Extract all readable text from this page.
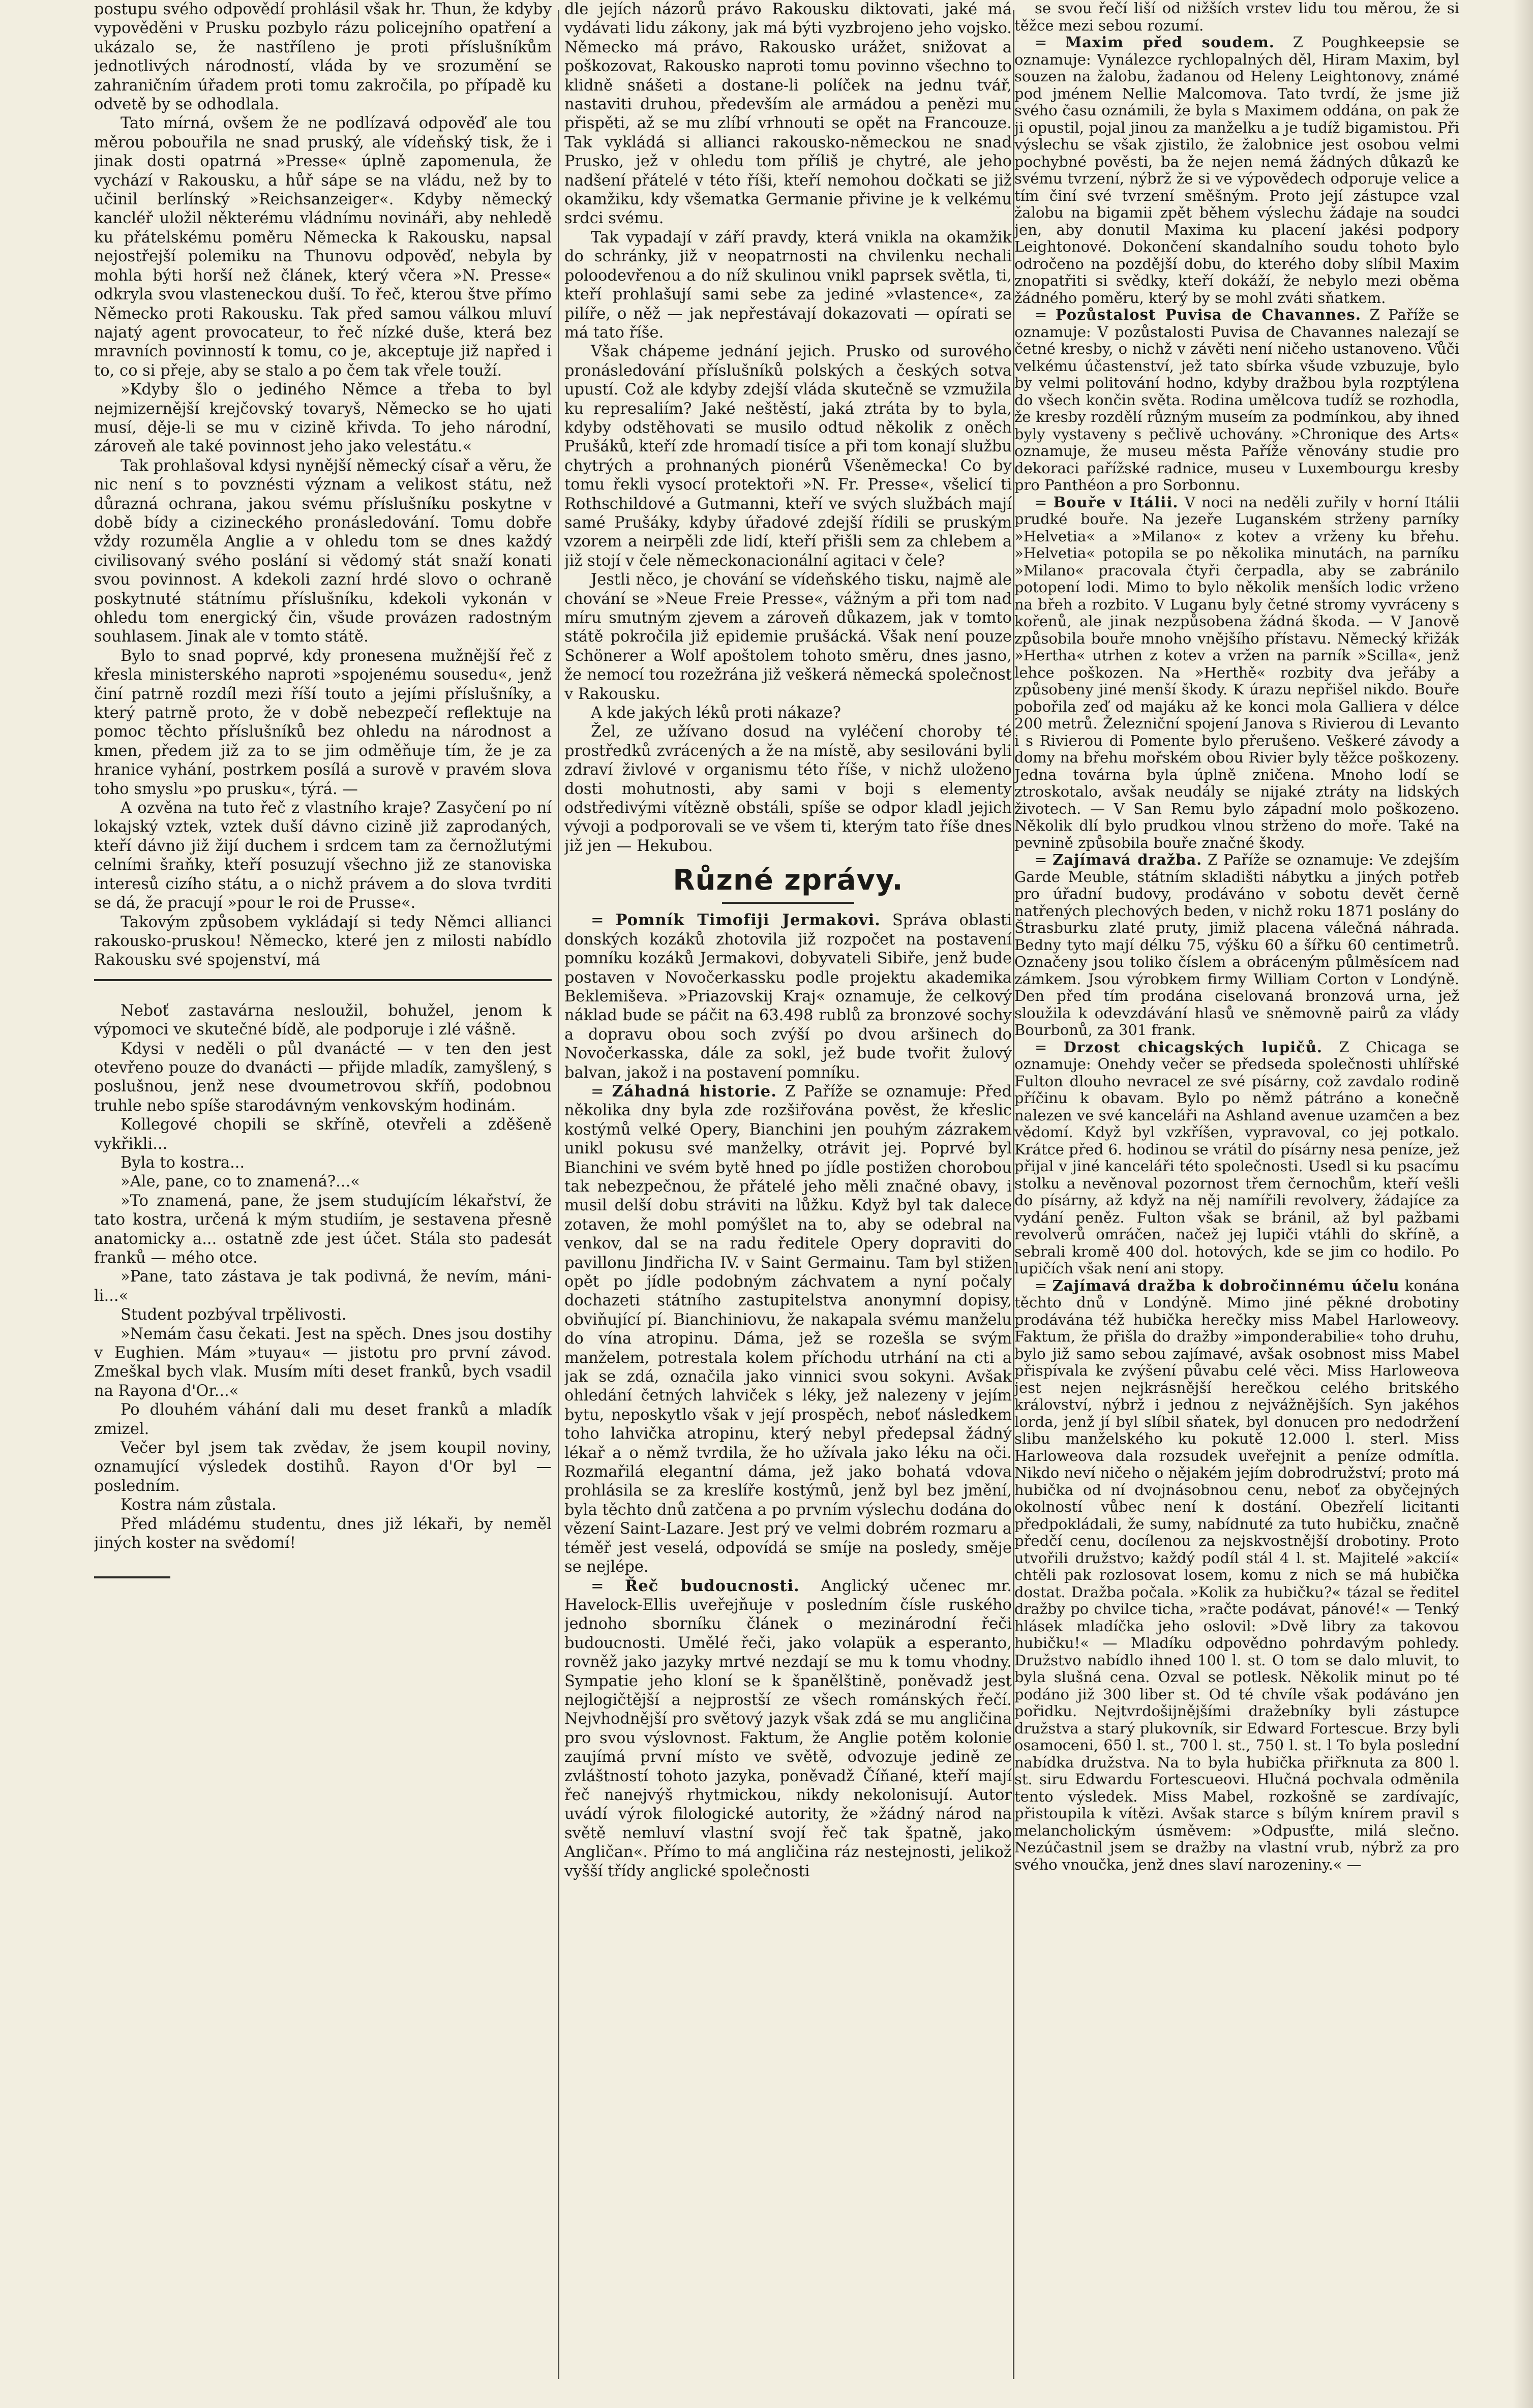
postupu svého odpovědí prohlásil však hr. Thun, že kdyby vypověděni v Prusku pozbylo rázu policejního opatření a ukázalo se, že nastříleno je proti příslušníkům jednotlivých národností, vláda by ve srozumění se zahraničním úřadem proti tomu zakročila, po případě ku odvetě by se odhodlala.

Tato mírná, ovšem že ne podlízavá odpověď ale tou měrou pobouřila ne snad pruský, ale vídeňský tisk, že i jinak dosti opatrná »Presse« úplně zapomenula, že vychází v Rakousku, a hůř sápe se na vládu, než by to učinil berlínský »Reichsanzeiger«. Kdyby německý kancléř uložil některému vládnímu novináři, aby nehledě ku přátelskému poměru Německa k Rakousku, napsal nejostřejší polemiku na Thunovu odpověď, nebyla by mohla býti horší než článek, který včera »N. Presse« odkryla svou vlasteneckou duší. To řeč, kterou štve přímo Německo proti Rakousku. Tak před samou válkou mluví najatý agent provocateur, to řeč nízké duše, která bez mravních povinností k tomu, co je, akceptuje již napřed i to, co si přeje, aby se stalo a po čem tak vřele touží.

»Kdyby šlo o jediného Němce a třeba to byl nejmizernější krejčovský tovaryš, Německo se ho ujati musí, děje-li se mu v cizině křivda. To jeho národní, zároveň ale také povinnost jeho jako velestátu.«

Tak prohlašoval kdysi nynější německý císař a věru, že nic není s to povznésti význam a velikost státu, než důrazná ochrana, jakou svému příslušníku poskytne v době bídy a cizineckého pronásledování. Tomu dobře vždy rozuměla Anglie a v ohledu tom se dnes každý civilisovaný svého poslání si vědomý stát snaží konati svou povinnost. A kdekoli zazní hrdé slovo o ochraně poskytnuté státnímu příslušníku, kdekoli vykonán v ohledu tom energický čin, všude provázen radostným souhlasem. Jinak ale v tomto státě.

Bylo to snad poprvé, kdy pronesena mužnější řeč z křesla ministerského naproti »spojenému sousedu«, jenž činí patrně rozdíl mezi říší touto a jejími příslušníky, a který patrně proto, že v době nebezpečí reflektuje na pomoc těchto příslušníků bez ohledu na národnost a kmen, předem již za to se jim odměňuje tím, že je za hranice vyhání, postrkem posílá a surově v pravém slova toho smyslu »po prusku«, týrá. —

A ozvěna na tuto řeč z vlastního kraje? Zasyčení po ní lokajský vztek, vztek duší dávno cizině již zaprodaných, kteří dávno již žijí duchem i srdcem tam za černožlutými celními šraňky, kteří posuzují všechno již ze stanoviska interesů cizího státu, a o nichž právem a do slova tvrditi se dá, že pracují »pour le roi de Prusse«.

Takovým způsobem vykládají si tedy Němci allianci rakousko-pruskou! Německo, které jen z milosti nabídlo Rakousku své spojenství, má

Neboť zastavárna nesloužil, bohužel, jenom k výpomoci ve skutečné bídě, ale podporuje i zlé vášně.

Kdysi v neděli o půl dvanácté — v ten den jest otevřeno pouze do dvanácti — přijde mladík, zamyšlený, s poslušnou, jenž nese dvoumetrovou skříň, podobnou truhle nebo spíše starodávným venkovským hodinám.

Kollegové chopili se skříně, otevřeli a zděšeně vykřikli...

Byla to kostra...

»Ale, pane, co to znamená?...«

»To znamená, pane, že jsem studujícím lékařství, že tato kostra, určená k mým studiím, je sestavena přesně anatomicky a... ostatně zde jest účet. Stála sto padesát franků — mého otce.

»Pane, tato zástava je tak podivná, že nevím, máni-li...«

Student pozbýval trpělivosti.

»Nemám času čekati. Jest na spěch. Dnes jsou dostihy v Eughien. Mám »tuyau« — jistotu pro první závod. Zmeškal bych vlak. Musím míti deset franků, bych vsadil na Rayona d'Or...«

Po dlouhém váhání dali mu deset franků a mladík zmizel.

Večer byl jsem tak zvědav, že jsem koupil noviny, oznamující výsledek dostihů. Rayon d'Or byl — posledním.

Kostra nám zůstala.

Před mládému studentu, dnes již lékaři, by neměl jiných koster na svědomí!

dle jejích názorů právo Rakousku diktovati, jaké má vydávati lidu zákony, jak má býti vyzbrojeno jeho vojsko. Německo má právo, Rakousko urážet, snižovat a poškozovat, Rakousko naproti tomu povinno všechno to klidně snášeti a dostane-li políček na jednu tvář, nastaviti druhou, především ale armádou a penězi mu přispěti, až se mu zlíbí vrhnouti se opět na Francouze. Tak vykládá si allianci rakousko-německou ne snad Prusko, jež v ohledu tom příliš je chytré, ale jeho nadšení přátelé v této říši, kteří nemohou dočkati se již okamžiku, kdy všematka Germanie přivine je k velkému srdci svému.

Tak vypadají v září pravdy, která vnikla na okamžik do schránky, již v neopatrnosti na chvilenku nechali poloodevřenou a do níž skulinou vnikl paprsek světla, ti, kteří prohlašují sami sebe za jediné »vlastence«, za pilíře, o něž — jak nepřestávají dokazovati — opírati se má tato říše.

Však chápeme jednání jejich. Prusko od surového pronásledování příslušníků polských a českých sotva upustí. Což ale kdyby zdejší vláda skutečně se vzmužila ku represaliím? Jaké neštěstí, jaká ztráta by to byla, kdyby odstěhovati se musilo odtud několik z oněch Prušáků, kteří zde hromadí tisíce a při tom konají službu chytrých a prohnaných pionérů Všeněmecka! Co by tomu řekli vysocí protektoři »N. Fr. Presse«, všelicí ti Rothschildové a Gutmanni, kteří ve svých službách mají samé Prušáky, kdyby úřadové zdejší řídili se pruským vzorem a neirpěli zde lidí, kteří přišli sem za chlebem a již stojí v čele německonacionální agitaci v čele?

Jestli něco, je chování se vídeňského tisku, najmě ale chování se »Neue Freie Presse«, vážným a při tom nad míru smutným zjevem a zároveň důkazem, jak v tomto státě pokročila již epidemie prušácká. Však není pouze Schönerer a Wolf apoštolem tohoto směru, dnes jasno, že nemocí tou rozežrána již veškerá německá společnost v Rakousku.

A kde jakých léků proti nákaze?

Žel, ze užívano dosud na vyléčení choroby té prostředků zvrácených a že na místě, aby sesilováni byli zdraví živlové v organismu této říše, v nichž uloženo dosti mohutnosti, aby sami v boji s elementy odstředivými vítězně obstáli, spíše se odpor kladl jejich vývoji a podporovali se ve všem ti, kterým tato říše dnes již jen — Hekubou.

Různé zprávy.

= Pomník Timofiji Jermakovi. Správa oblasti donských kozáků zhotovila již rozpočet na postavení pomníku kozáků Jermakovi, dobyvateli Sibiře, jenž bude postaven v Novočerkassku podle projektu akademika Beklemiševa. »Priazovskij Kraj« oznamuje, že celkový náklad bude se páčit na 63.498 rublů za bronzové sochy a dopravu obou soch zvýší po dvou aršinech do Novočerkasska, dále za sokl, jež bude tvořit žulový balvan, jakož i na postavení pomníku.

= Záhadná historie. Z Paříže se oznamuje: Před několika dny byla zde rozšiřována pověst, že křeslic kostýmů velké Opery, Bianchini jen pouhým zázrakem unikl pokusu své manželky, otrávit jej. Poprvé byl Bianchini ve svém bytě hned po jídle postižen chorobou tak nebezpečnou, že přátelé jeho měli značné obavy, i musil delší dobu stráviti na lůžku. Když byl tak dalece zotaven, že mohl pomýšlet na to, aby se odebral na venkov, dal se na radu ředitele Opery dopraviti do pavillonu Jindřicha IV. v Saint Germainu. Tam byl stižen opět po jídle podobným záchvatem a nyní počaly dochazeti státního zastupitelstva anonymní dopisy, obviňující pí. Bianchiniovu, že nakapala svému manželu do vína atropinu. Dáma, jež se rozešla se svým manželem, potrestala kolem příchodu utrhání na cti a jak se zdá, označila jako vinnici svou sokyni. Avšak ohledání četných lahviček s léky, jež nalezeny v jejím bytu, neposkytlo však v její prospěch, neboť následkem toho lahvička atropinu, který nebyl předepsal žádný lékař a o němž tvrdila, že ho užívala jako léku na oči. Rozmařilá elegantní dáma, jež jako bohatá vdova prohlásila se za kreslíře kostýmů, jenž byl bez jmění, byla těchto dnů zatčena a po prvním výslechu dodána do vězení Saint-Lazare. Jest prý ve velmi dobrém rozmaru a téměř jest veselá, odpovídá se smíje na posledy, směje se nejlépe.

= Řeč budoucnosti. Anglický učenec mr. Havelock-Ellis uveřejňuje v posledním čísle ruského jednoho sborníku článek o mezinárodní řeči budoucnosti. Umělé řeči, jako volapük a esperanto, rovněž jako jazyky mrtvé nezdají se mu k tomu vhodny. Sympatie jeho kloní se k španělštině, poněvadž jest nejlogičtější a nejprostší ze všech románských řečí. Nejvhodnější pro světový jazyk však zdá se mu angličina pro svou výslovnost. Faktum, že Anglie potěm kolonie zaujímá první místo ve světě, odvozuje jedině ze zvláštností tohoto jazyka, poněvadž Číňané, kteří mají řeč nanejvýš rhytmickou, nikdy nekolonisují. Autor uvádí výrok filologické autority, že »žádný národ na světě nemluví vlastní svojí řeč tak špatně, jako Angličan«. Přímo to má angličina ráz nestejnosti, jelikož vyšší třídy anglické společnosti

se svou řečí liší od nižších vrstev lidu tou měrou, že si těžce mezi sebou rozumí.

= Maxim před soudem. Z Poughkeepsie se oznamuje: Vynálezce rychlopalných děl, Hiram Maxim, byl souzen na žalobu, žadanou od Heleny Leightonovy, známé pod jménem Nellie Malcomova. Tato tvrdí, že jsme již svého času oznámili, že byla s Maximem oddána, on pak že ji opustil, pojal jinou za manželku a je tudíž bigamistou. Při výslechu se však zjistilo, že žalobnice jest osobou velmi pochybné pověsti, ba že nejen nemá žádných důkazů ke svému tvrzení, nýbrž že si ve výpovědech odporuje velice a tím činí své tvrzení směšným. Proto její zástupce vzal žalobu na bigamii zpět během výslechu žádaje na soudci jen, aby donutil Maxima ku placení jakési podpory Leightonové. Dokončení skandalního soudu tohoto bylo odročeno na pozdější dobu, do kterého doby slíbil Maxim znopatřiti si svědky, kteří dokáží, že nebylo mezi oběma žádného poměru, který by se mohl zváti sňatkem.

= Pozůstalost Puvisa de Chavannes. Z Paříže se oznamuje: V pozůstalosti Puvisa de Chavannes nalezají se četné kresby, o nichž v závěti není ničeho ustanoveno. Vůči velkému účastenství, jež tato sbírka všude vzbuzuje, bylo by velmi politování hodno, kdyby dražbou byla rozptýlena do všech končin světa. Rodina umělcova tudíž se rozhodla, že kresby rozdělí různým museím za podmínkou, aby ihned byly vystaveny s pečlivě uchovány. »Chronique des Arts« oznamuje, že museu města Paříže věnovány studie pro dekoraci pařížské radnice, museu v Luxembourgu kresby pro Panthéon a pro Sorbonnu.

= Bouře v Itálii. V noci na neděli zuřily v horní Itálii prudké bouře. Na jezeře Luganském strženy parníky »Helvetia« a »Milano« z kotev a vrženy ku břehu. »Helvetia« potopila se po několika minutách, na parníku »Milano« pracovala čtyři čerpadla, aby se zabránilo potopení lodi. Mimo to bylo několik menších lodic vrženo na břeh a rozbito. V Luganu byly četné stromy vyvráceny s kořenů, ale jinak nezpůsobena žádná škoda. — V Janově způsobila bouře mnoho vnějšího přístavu. Německý křižák »Hertha« utrhen z kotev a vržen na parník »Scilla«, jenž lehce poškozen. Na »Herthě« rozbity dva jeřáby a způsobeny jiné menší škody. K úrazu nepřišel nikdo. Bouře pobořila zeď od majáku až ke konci mola Galliera v délce 200 metrů. Železniční spojení Janova s Rivierou di Levanto i s Rivierou di Pomente bylo přerušeno. Veškeré závody a domy na břehu mořském obou Rivier byly těžce poškozeny. Jedna továrna byla úplně zničena. Mnoho lodí se ztroskotalo, avšak neudály se nijaké ztráty na lidských životech. — V San Remu bylo západní molo poškozeno. Několik dlí bylo prudkou vlnou strženo do moře. Také na pevnině způsobila bouře značné škody.

= Zajímavá dražba. Z Paříže se oznamuje: Ve zdejším Garde Meuble, státním skladišti nábytku a jiných potřeb pro úřadní budovy, prodáváno v sobotu devět černě natřených plechových beden, v nichž roku 1871 poslány do Štrasburku zlaté pruty, jimiž placena válečná náhrada. Bedny tyto mají délku 75, výšku 60 a šířku 60 centimetrů. Označeny jsou toliko číslem a obráceným půlměsícem nad zámkem. Jsou výrobkem firmy William Corton v Londýně. Den před tím prodána ciselovaná bronzová urna, jež sloužila k odevzdávání hlasů ve sněmovně pairů za vlády Bourbonů, za 301 frank.

= Drzost chicagských lupičů. Z Chicaga se oznamuje: Onehdy večer se předseda společnosti uhlířské Fulton dlouho nevracel ze své písárny, což zavdalo rodině příčinu k obavam. Bylo po němž pátráno a konečně nalezen ve své kanceláři na Ashland avenue uzamčen a bez vědomí. Když byl vzkříšen, vypravoval, co jej potkalo. Krátce před 6. hodinou se vrátil do písárny nesa peníze, jež přijal v jiné kanceláři této společnosti. Usedl si ku psacímu stolku a nevěnoval pozornost třem černochům, kteří vešli do písárny, až když na něj namířili revolvery, žádajíce za vydání peněz. Fulton však se bránil, až byl pažbami revolverů omráčen, načež jej lupiči vtáhli do skříně, a sebrali kromě 400 dol. hotových, kde se jim co hodilo. Po lupičích však není ani stopy.

= Zajímavá dražba k dobročinnému účelu konána těchto dnů v Londýně. Mimo jiné pěkné drobotiny prodávána též hubička herečky miss Mabel Harloweovy. Faktum, že přišla do dražby »imponderabilie« toho druhu, bylo již samo sebou zajímavé, avšak osobnost miss Mabel přispívala ke zvýšení půvabu celé věci. Miss Harloweova jest nejen nejkrásnější herečkou celého britského království, nýbrž i jednou z nejvážnějších. Syn jakéhos lorda, jenž jí byl slíbil sňatek, byl donucen pro nedodržení slibu manželského ku pokutě 12.000 l. sterl. Miss Harloweova dala rozsudek uveřejnit a peníze odmítla. Nikdo neví ničeho o nějakém jejím dobrodružství; proto má hubička od ní dvojnásobnou cenu, neboť za obyčejných okolností vůbec není k dostání. Obezřelí licitanti předpokládali, že sumy, nabídnuté za tuto hubičku, značně předčí cenu, docílenou za nejskvostnější drobotiny. Proto utvořili družstvo; každý podíl stál 4 l. st. Majitelé »akcií« chtěli pak rozlosovat losem, komu z nich se má hubička dostat. Dražba počala. »Kolik za hubičku?« tázal se ředitel dražby po chvilce ticha, »račte podávat, pánové!« — Tenký hlásek mladíčka jeho oslovil: »Dvě libry za takovou hubičku!« — Mladíku odpovědno pohrdavým pohledy. Družstvo nabídlo ihned 100 l. st. O tom se dalo mluvit, to byla slušná cena. Ozval se potlesk. Několik minut po té podáno již 300 liber st. Od té chvíle však podáváno jen pořidku. Nejtvrdošijnějšími dražebníky byli zástupce družstva a starý plukovník, sir Edward Fortescue. Brzy byli osamoceni, 650 l. st., 700 l. st., 750 l. st. l To byla poslední nabídka družstva. Na to byla hubička přiřknuta za 800 l. st. siru Edwardu Fortescueovi. Hlučná pochvala odměnila tento výsledek. Miss Mabel, rozkošně se zardívajíc, přistoupila k vítězi. Avšak starce s bílým knírem pravil s melancholickým úsměvem: »Odpusťte, milá slečno. Nezúčastnil jsem se dražby na vlastní vrub, nýbrž za pro svého vnoučka, jenž dnes slaví narozeniny.« —
